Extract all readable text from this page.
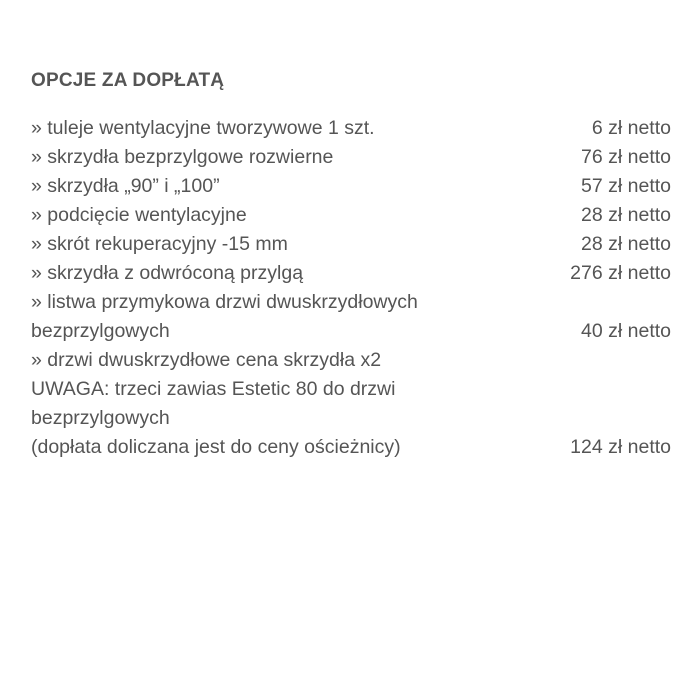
OPCJE ZA DOPŁATĄ
» tuleje wentylacyjne tworzywowe 1 szt.	6 zł netto
» skrzydła bezprzylgowe rozwierne	76 zł netto
» skrzydła „90” i „100”	57 zł netto
» podcięcie wentylacyjne	28 zł netto
» skrót rekuperacyjny -15 mm	28 zł netto
» skrzydła z odwróconą przylgą	276 zł netto
» listwa przymykowa drzwi dwuskrzydłowych
bezprzylgowych	40 zł netto
» drzwi dwuskrzydłowe cena skrzydła x2
UWAGA: trzeci zawias Estetic 80 do drzwi
bezprzylgowych
(dopłata doliczana jest do ceny ościeżnicy)	124 zł netto
